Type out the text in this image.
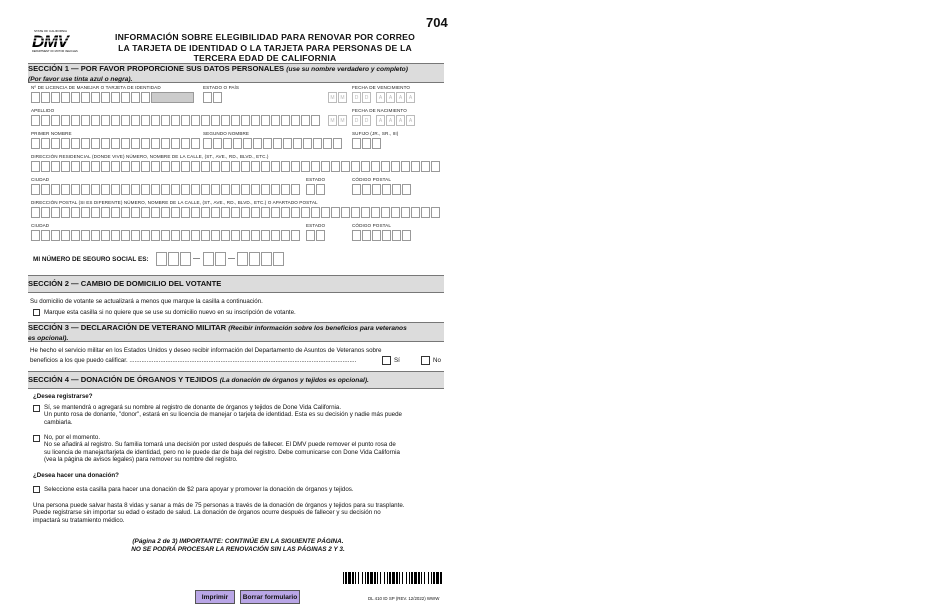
STATE OF CALIFORNIA
DMV
DEPARTMENT OF MOTOR VEHICLES
704
INFORMACIÓN SOBRE ELEGIBILIDAD PARA RENOVAR POR CORREO
LA TARJETA DE IDENTIDAD O LA TARJETA PARA PERSONAS DE LA
TERCERA EDAD DE CALIFORNIA
SECCIÓN 1 — POR FAVOR PROPORCIONE SUS DATOS PERSONALES (use su nombre verdadero y completo)
(Por favor use tinta azul o negra).
Nº DE LICENCIA DE MANEJAR O TARJETA DE IDENTIDAD	ESTADO O PAÍS	FECHA DE VENCIMIENTO
M	M	D	D	A	A	A	A
APELLIDO	FECHA DE NACIMIENTO
M	M	D	D	A	A	A	A
PRIMER NOMBRE	SEGUNDO NOMBRE	SUFIJO (JR., SR., III)
DIRECCIÓN RESIDENCIAL (DONDE VIVE) NÚMERO, NOMBRE DE LA CALLE, (ST., AVE., RD., BLVD., ETC.)
CIUDAD	ESTADO	CÓDIGO POSTAL
DIRECCIÓN POSTAL (SI ES DIFERENTE) NÚMERO, NOMBRE DE LA CALLE, (ST., AVE., RD., BLVD., ETC.) O APARTADO POSTAL
CIUDAD	ESTADO	CÓDIGO POSTAL
MI NÚMERO DE SEGURO SOCIAL ES:	—	—
SECCIÓN 2 — CAMBIO DE DOMICILIO DEL VOTANTE
Su domicilio de votante se actualizará a menos que marque la casilla a continuación.
Marque esta casilla si no quiere que se use su domicilio nuevo en su inscripción de votante.
SECCIÓN 3 — DECLARACIÓN DE VETERANO MILITAR (Recibir información sobre los beneficios para veteranos
es opcional).
He hecho el servicio militar en los Estados Unidos y deseo recibir información del Departamento de Asuntos de Veteranos sobre
beneficios a los que puedo calificar. ....................................................................................................................................	Sí	No
SECCIÓN 4 — DONACIÓN DE ÓRGANOS Y TEJIDOS (La donación de órganos y tejidos es opcional).
¿Desea registrarse?
Sí, se mantendrá o agregará su nombre al registro de donante de órganos y tejidos de Done Vida California.
Un punto rosa de donante, "donor", estará en su licencia de manejar o tarjeta de identidad. Esta es su decisión y nadie más puede
cambiarla.
No, por el momento.
No se añadirá al registro. Su familia tomará una decisión por usted después de fallecer. El DMV puede remover el punto rosa de
su licencia de manejar/tarjeta de identidad, pero no le puede dar de baja del registro. Debe comunicarse con Done Vida California
(vea la página de avisos legales) para remover su nombre del registro.
¿Desea hacer una donación?
Seleccione esta casilla para hacer una donación de $2 para apoyar y promover la donación de órganos y tejidos.
Una persona puede salvar hasta 8 vidas y sanar a más de 75 personas a través de la donación de órganos y tejidos para su trasplante.
Puede registrarse sin importar su edad o estado de salud. La donación de órganos ocurre después de fallecer y su decisión no
impactará su tratamiento médico.
(Página 2 de 3) IMPORTANTE: CONTINÚE EN LA SIGUIENTE PÁGINA.
NO SE PODRÁ PROCESAR LA RENOVACIÓN SIN LAS PÁGINAS 2 Y 3.
DL 410 ID SP (REV. 12/2022) WWW
Imprimir	Borrar formulario
